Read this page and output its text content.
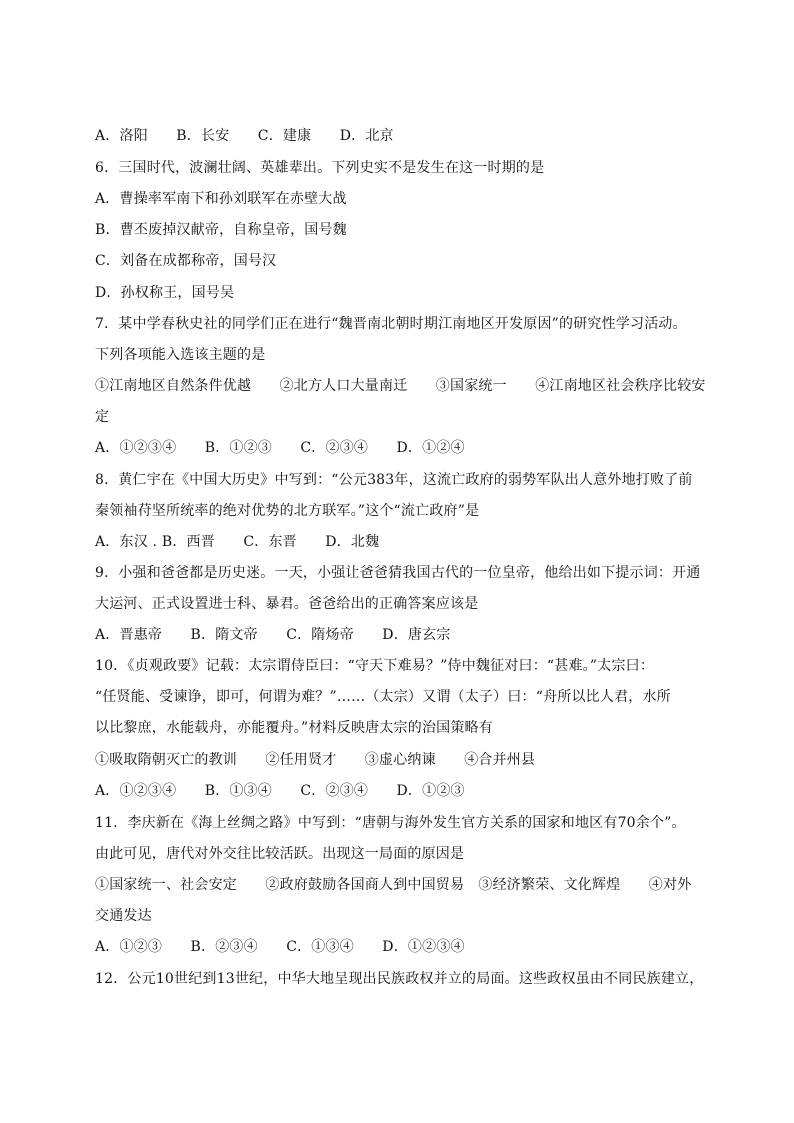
A．洛阳　　B．长安　　C．建康　　D．北京
6．三国时代，波澜壮阔、英雄辈出。下列史实不是发生在这一时期的是
A．曹操率军南下和孙刘联军在赤壁大战
B．曹丕废掉汉献帝，自称皇帝，国号魏
C．刘备在成都称帝，国号汉
D．孙权称王，国号吴
7．某中学春秋史社的同学们正在进行“魏晋南北朝时期江南地区开发原因”的研究性学习活动。
下列各项能入选该主题的是
①江南地区自然条件优越　　②北方人口大量南迁　　③国家统一　　④江南地区社会秩序比较安
定
A．①②③④　　B．①②③　　C．②③④　　D．①②④
8．黄仁宇在《中国大历史》中写到：“公元383年，这流亡政府的弱势军队出人意外地打败了前
秦领袖苻坚所统率的绝对优势的北方联军。”这个“流亡政府”是
A．东汉 . B．西晋　　C．东晋　　D．北魏
9．小强和爸爸都是历史迷。一天，小强让爸爸猜我国古代的一位皇帝，他给出如下提示词：开通
大运河、正式设置进士科、暴君。爸爸给出的正确答案应该是
A．晋惠帝　　B．隋文帝　　C．隋炀帝　　D．唐玄宗
10．《贞观政要》记载：太宗谓侍臣曰：“守天下难易？”侍中魏征对曰：“甚难。”太宗曰：
“任贤能、受谏诤，即可，何谓为难？”……（太宗）又谓（太子）曰：“舟所以比人君，水所
以比黎庶，水能载舟，亦能覆舟。”材料反映唐太宗的治国策略有
①吸取隋朝灭亡的教训　　②任用贤才　　③虚心纳谏　　④合并州县
A．①②③④　　B．①③④　　C．②③④　　D．①②③
11．李庆新在《海上丝绸之路》中写到：“唐朝与海外发生官方关系的国家和地区有70余个”。
由此可见，唐代对外交往比较活跃。出现这一局面的原因是
①国家统一、社会安定　　②政府鼓励各国商人到中国贸易　③经济繁荣、文化辉煌　　④对外
交通发达
A．①②③　　B．②③④　　C．①③④　　D．①②③④
12．公元10世纪到13世纪，中华大地呈现出民族政权并立的局面。这些政权虽由不同民族建立，
